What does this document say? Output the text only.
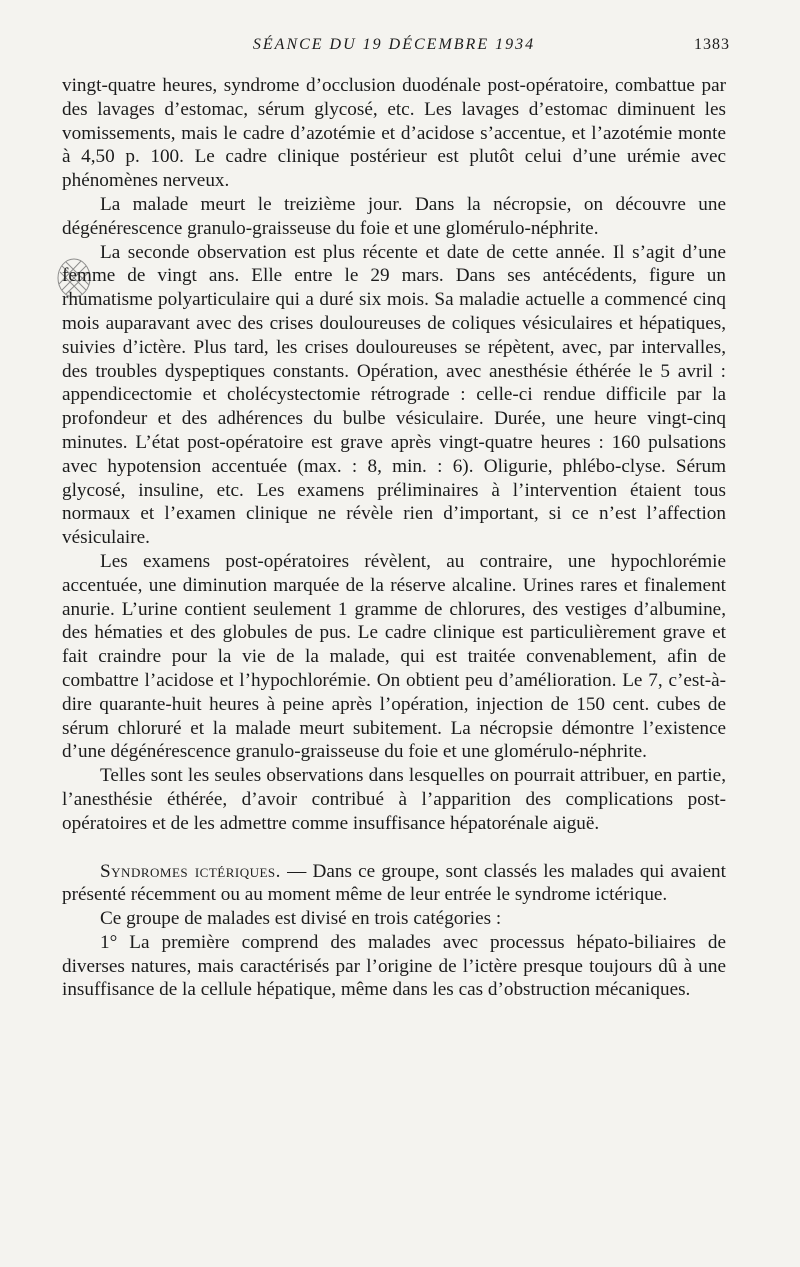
SÉANCE DU 19 DÉCEMBRE 1934	1383

vingt-quatre heures, syndrome d’occlusion duodénale post-opératoire, combattue par des lavages d’estomac, sérum glycosé, etc. Les lavages d’estomac diminuent les vomissements, mais le cadre d’azotémie et d’acidose s’accentue, et l’azotémie monte à 4,50 p. 100. Le cadre clinique postérieur est plutôt celui d’une urémie avec phénomènes nerveux.

La malade meurt le treizième jour. Dans la nécropsie, on découvre une dégénérescence granulo-graisseuse du foie et une glomérulo-néphrite.

La seconde observation est plus récente et date de cette année. Il s’agit d’une femme de vingt ans. Elle entre le 29 mars. Dans ses antécédents, figure un rhumatisme polyarticulaire qui a duré six mois. Sa maladie actuelle a commencé cinq mois auparavant avec des crises douloureuses de coliques vésiculaires et hépatiques, suivies d’ictère. Plus tard, les crises douloureuses se répètent, avec, par intervalles, des troubles dyspeptiques constants. Opération, avec anesthésie éthérée le 5 avril : appendicectomie et cholécystectomie rétrograde : celle-ci rendue difficile par la profondeur et des adhérences du bulbe vésiculaire. Durée, une heure vingt-cinq minutes. L’état post-opératoire est grave après vingt-quatre heures : 160 pulsations avec hypotension accentuée (max. : 8, min. : 6). Oligurie, phlébo-clyse. Sérum glycosé, insuline, etc. Les examens préliminaires à l’intervention étaient tous normaux et l’examen clinique ne révèle rien d’important, si ce n’est l’affection vésiculaire.

Les examens post-opératoires révèlent, au contraire, une hypochlorémie accentuée, une diminution marquée de la réserve alcaline. Urines rares et finalement anurie. L’urine contient seulement 1 gramme de chlorures, des vestiges d’albumine, des hématies et des globules de pus. Le cadre clinique est particulièrement grave et fait craindre pour la vie de la malade, qui est traitée convenablement, afin de combattre l’acidose et l’hypochlorémie. On obtient peu d’amélioration. Le 7, c’est-à-dire quarante-huit heures à peine après l’opération, injection de 150 cent. cubes de sérum chloruré et la malade meurt subitement. La nécropsie démontre l’existence d’une dégénérescence granulo-graisseuse du foie et une glomérulo-néphrite.

Telles sont les seules observations dans lesquelles on pourrait attribuer, en partie, l’anesthésie éthérée, d’avoir contribué à l’apparition des complications post-opératoires et de les admettre comme insuffisance hépatorénale aiguë.

Syndromes ictériques. — Dans ce groupe, sont classés les malades qui avaient présenté récemment ou au moment même de leur entrée le syndrome ictérique.

Ce groupe de malades est divisé en trois catégories :

1° La première comprend des malades avec processus hépato-biliaires de diverses natures, mais caractérisés par l’origine de l’ictère presque toujours dû à une insuffisance de la cellule hépatique, même dans les cas d’obstruction mécaniques.
